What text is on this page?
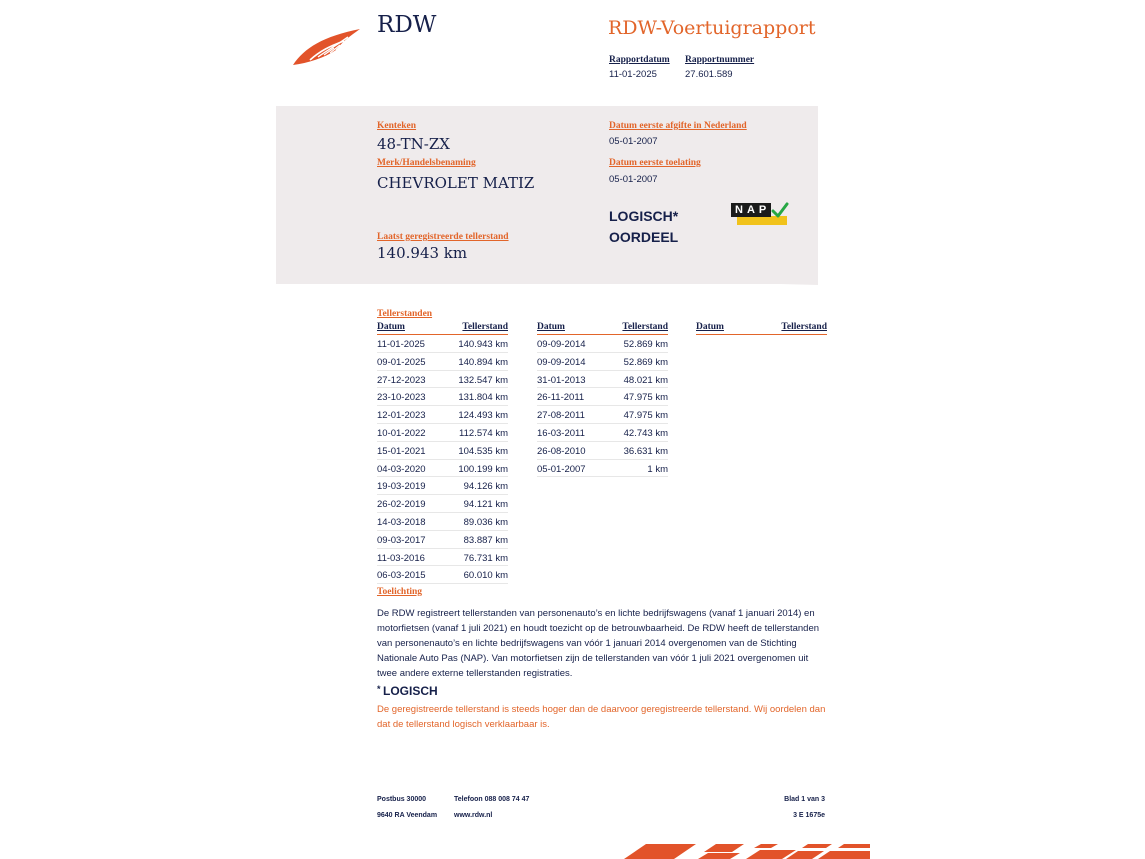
RDW	RDW-Voertuigrapport
Rapportdatum
11-01-2025
Rapportnummer
27.601.589
Kenteken
48-TN-ZX
Merk/Handelsbenaming
CHEVROLET MATIZ
Laatst geregistreerde tellerstand
140.943 km
Datum eerste afgifte in Nederland
05-01-2007
Datum eerste toelating
05-01-2007
LOGISCH*
OORDEEL
NAP
Tellerstanden
Datum	Tellerstand
11-01-2025	140.943 km
09-01-2025	140.894 km
27-12-2023	132.547 km
23-10-2023	131.804 km
12-01-2023	124.493 km
10-01-2022	112.574 km
15-01-2021	104.535 km
04-03-2020	100.199 km
19-03-2019	94.126 km
26-02-2019	94.121 km
14-03-2018	89.036 km
09-03-2017	83.887 km
11-03-2016	76.731 km
06-03-2015	60.010 km
Datum	Tellerstand
09-09-2014	52.869 km
09-09-2014	52.869 km
31-01-2013	48.021 km
26-11-2011	47.975 km
27-08-2011	47.975 km
16-03-2011	42.743 km
26-08-2010	36.631 km
05-01-2007	1 km
Datum	Tellerstand
Toelichting
De RDW registreert tellerstanden van personenauto’s en lichte bedrijfswagens (vanaf 1 januari 2014) en
motorfietsen (vanaf 1 juli 2021) en houdt toezicht op de betrouwbaarheid. De RDW heeft de tellerstanden
van personenauto’s en lichte bedrijfswagens van vóór 1 januari 2014 overgenomen van de Stichting
Nationale Auto Pas (NAP). Van motorfietsen zijn de tellerstanden van vóór 1 juli 2021 overgenomen uit
twee andere externe tellerstanden registraties.
* LOGISCH
De geregistreerde tellerstand is steeds hoger dan de daarvoor geregistreerde tellerstand. Wij oordelen dan
dat de tellerstand logisch verklaarbaar is.
Postbus 30000
9640 RA Veendam
Telefoon 088 008 74 47
www.rdw.nl
Blad 1 van 3
3 E 1675e
